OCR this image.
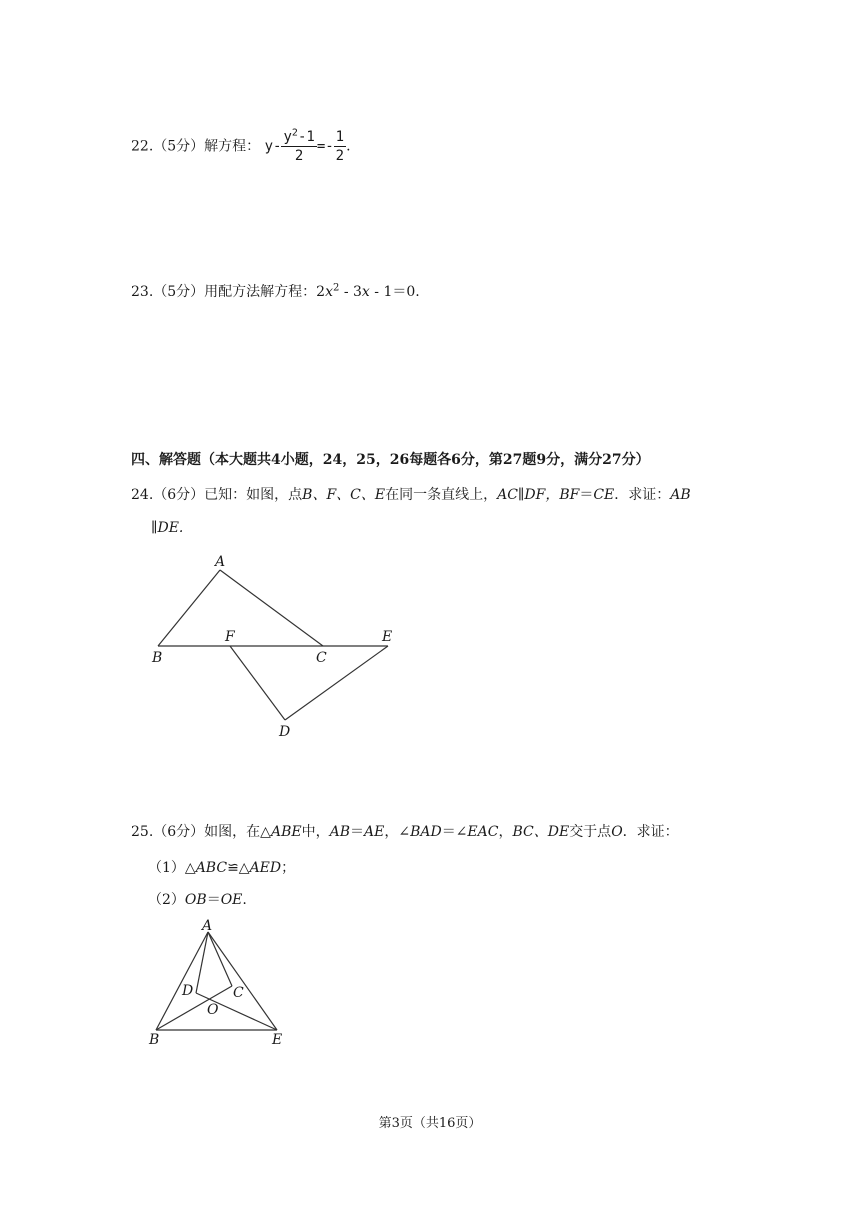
22.（5分）解方程： $y- \frac{y^2-1}{2} =- \frac{1}{2}$ .
23.（5分）用配方法解方程：$2x^2 - 3x - 1=0$.
四、解答题（本大题共4小题，24，25，26每题各6分，第27题9分，满分27分）
24.（6分）已知：如图，点B、F、C、E在同一条直线上，AC∥DF，BF＝CE．求证：AB
∥DE.
A
B
F
C
E
D
25.（6分）如图，在△ABE中，AB＝AE，∠BAD＝∠EAC，BC、DE交于点O．求证：
（1）△ABC≌△AED；
（2）OB＝OE.
A
B	E
D	C
O
第3页（共16页）
